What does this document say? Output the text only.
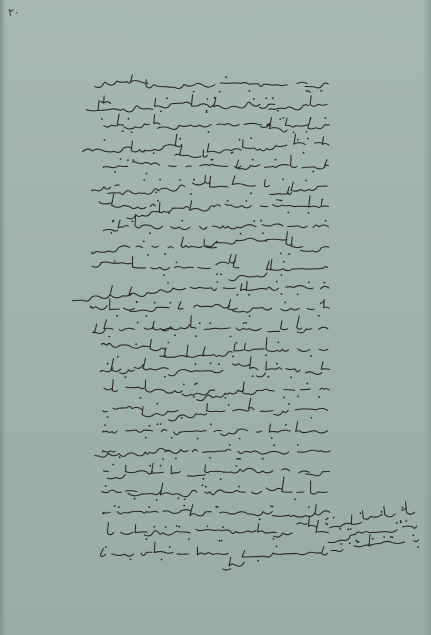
٢٠
